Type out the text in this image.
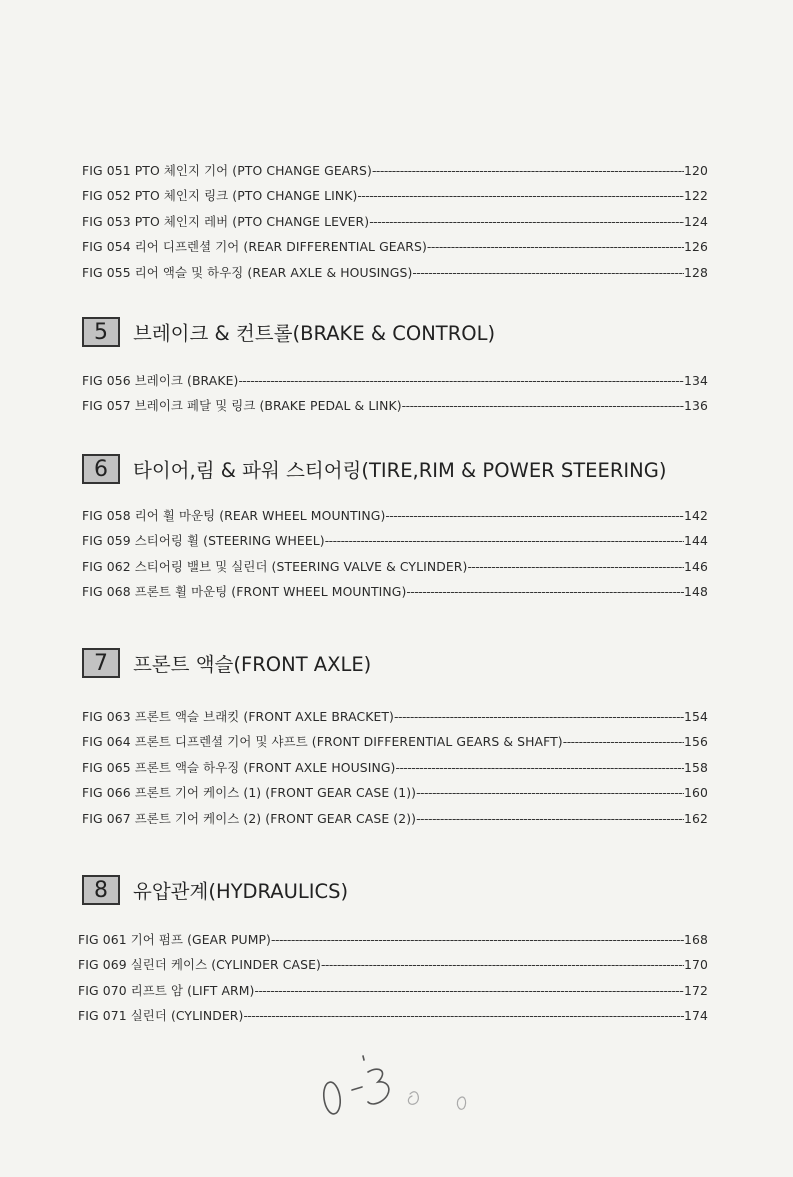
FIG 051 PTO 체인지 기어 (PTO CHANGE GEARS) -----	120
FIG 052 PTO 체인지 링크 (PTO CHANGE LINK) -----	122
FIG 053 PTO 체인지 레버 (PTO CHANGE LEVER) -----	124
FIG 054 리어 디프렌셜 기어 (REAR DIFFERENTIAL GEARS) -----	126
FIG 055 리어 액슬 및 하우징 (REAR AXLE & HOUSINGS) -----	128
5	브레이크 & 컨트롤(BRAKE & CONTROL)
FIG 056 브레이크 (BRAKE) -----	134
FIG 057 브레이크 페달 및 링크 (BRAKE PEDAL & LINK) -----	136
6	타이어,림 & 파워 스티어링(TIRE,RIM & POWER STEERING)
FIG 058 리어 휠 마운팅 (REAR WHEEL MOUNTING) -----	142
FIG 059 스티어링 휠 (STEERING WHEEL) -----	144
FIG 062 스티어링 밸브 및 실린더 (STEERING VALVE & CYLINDER) -----	146
FIG 068 프론트 휠 마운팅 (FRONT WHEEL MOUNTING) -----	148
7	프론트 액슬(FRONT AXLE)
FIG 063 프론트 액슬 브래킷 (FRONT AXLE BRACKET) -----	154
FIG 064 프론트 디프렌셜 기어 및 샤프트 (FRONT DIFFERENTIAL GEARS & SHAFT) -----	156
FIG 065 프론트 액슬 하우징 (FRONT AXLE HOUSING) -----	158
FIG 066 프론트 기어 케이스 (1) (FRONT GEAR CASE (1)) -----	160
FIG 067 프론트 기어 케이스 (2) (FRONT GEAR CASE (2)) -----	162
8	유압관계(HYDRAULICS)
FIG 061 기어 펌프 (GEAR PUMP) -----	168
FIG 069 실린더 케이스 (CYLINDER CASE) -----	170
FIG 070 리프트 암 (LIFT ARM) -----	172
FIG 071 실린더 (CYLINDER) -----	174
